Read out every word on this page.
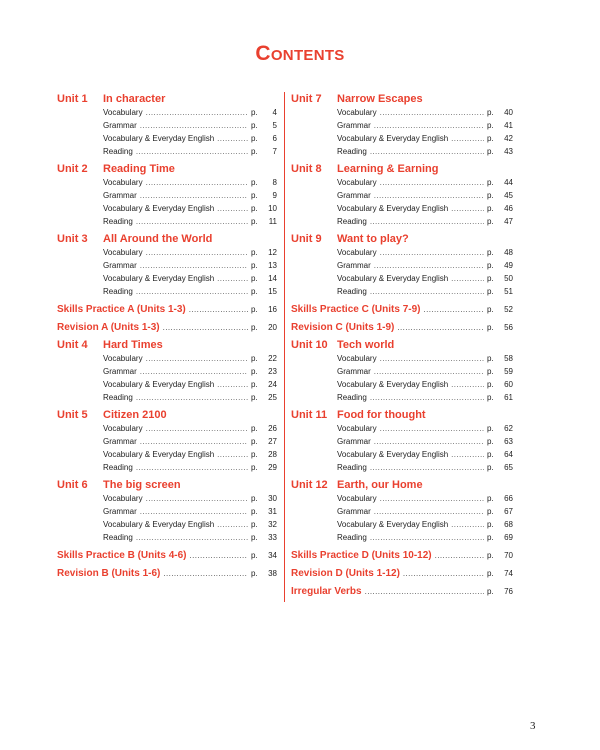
Contents
Unit 1	In character
Vocabulary .....	p.	4
Grammar .....	p.	5
Vocabulary & Everyday English .....	p.	6
Reading .....	p.	7
Unit 2	Reading Time
Vocabulary .....	p.	8
Grammar .....	p.	9
Vocabulary & Everyday English .....	p.	10
Reading .....	p.	11
Unit 3	All Around the World
Vocabulary .....	p.	12
Grammar .....	p.	13
Vocabulary & Everyday English .....	p.	14
Reading .....	p.	15
Skills Practice A (Units 1-3) .....	p.	16
Revision A (Units 1-3) .....	p.	20
Unit 4	Hard Times
Vocabulary .....	p.	22
Grammar .....	p.	23
Vocabulary & Everyday English .....	p.	24
Reading .....	p.	25
Unit 5	Citizen 2100
Vocabulary .....	p.	26
Grammar .....	p.	27
Vocabulary & Everyday English .....	p.	28
Reading .....	p.	29
Unit 6	The big screen
Vocabulary .....	p.	30
Grammar .....	p.	31
Vocabulary & Everyday English .....	p.	32
Reading .....	p.	33
Skills Practice B (Units 4-6) .....	p.	34
Revision B (Units 1-6) .....	p.	38
Unit 7	Narrow Escapes
Vocabulary .....	p.	40
Grammar .....	p.	41
Vocabulary & Everyday English .....	p.	42
Reading .....	p.	43
Unit 8	Learning & Earning
Vocabulary .....	p.	44
Grammar .....	p.	45
Vocabulary & Everyday English .....	p.	46
Reading .....	p.	47
Unit 9	Want to play?
Vocabulary .....	p.	48
Grammar .....	p.	49
Vocabulary & Everyday English .....	p.	50
Reading .....	p.	51
Skills Practice C (Units 7-9) .....	p.	52
Revision C (Units 1-9) .....	p.	56
Unit 10 Tech world
Vocabulary .....	p.	58
Grammar .....	p.	59
Vocabulary & Everyday English .....	p.	60
Reading .....	p.	61
Unit 11 Food for thought
Vocabulary .....	p.	62
Grammar .....	p.	63
Vocabulary & Everyday English .....	p.	64
Reading .....	p.	65
Unit 12 Earth, our Home
Vocabulary .....	p.	66
Grammar .....	p.	67
Vocabulary & Everyday English .....	p.	68
Reading .....	p.	69
Skills Practice D (Units 10-12) .....	p.	70
Revision D (Units 1-12) .....	p.	74
Irregular Verbs .....	p.	76
3
